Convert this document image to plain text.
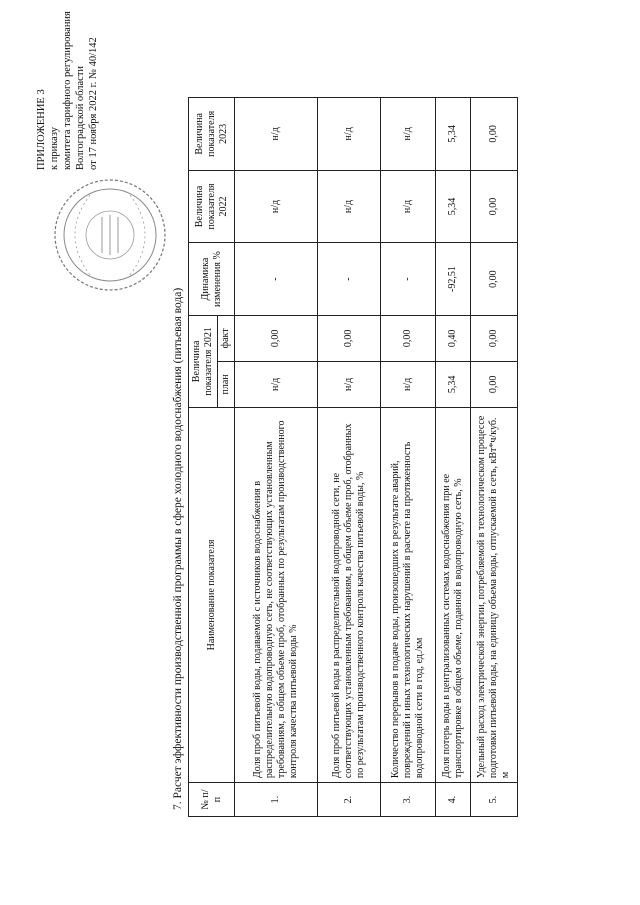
ПРИЛОЖЕНИЕ 3 к приказу комитета тарифного регулирования Волгоградской области от 17 ноября 2022 г. № 40/142
7. Расчет эффективности производственной программы в сфере холодного водоснабжения (питьевая вода) № п/п	Наименование показателя	Величина показателя 2021		Динамика изменения %	Величина показателя 2022	Величина показателя 2023
		план	факт			
1.	Доля проб питьевой воды, подаваемой с источников водоснабжения в распределительную водопроводную сеть, не соответствующих установленным требованиям, в общем объеме проб, отобранных по результатам производственного контроля качества питьевой воды %	н/д	0,00	-	н/д	н/д
2.	Доля проб питьевой воды в распределительной водопроводной сети, не соответствующих установленным требованиям, в общем объеме проб, отобранных по результатам производственного контроля качества питьевой воды, %	н/д	0,00	-	н/д	н/д
3.	Количество перерывов в подаче воды, произошедших в результате аварий, повреждений и иных технологических нарушений в расчете на протяженность водопроводной сети в год, ед./км	н/д	0,00	-	н/д	н/д
4.	Доля потерь воды в централизованных системах водоснабжения при ее транспортировке в общем объеме, поданной в водопроводную сеть, %	5,34	0,40	-92,51	5,34	5,34
5.	Удельный расход электрической энергии, потребляемой в технологическом процессе подготовки питьевой воды, на единицу объема воды, отпускаемой в сеть, кВт*ч/куб. м	0,00	0,00	0,00	0,00	0,00
